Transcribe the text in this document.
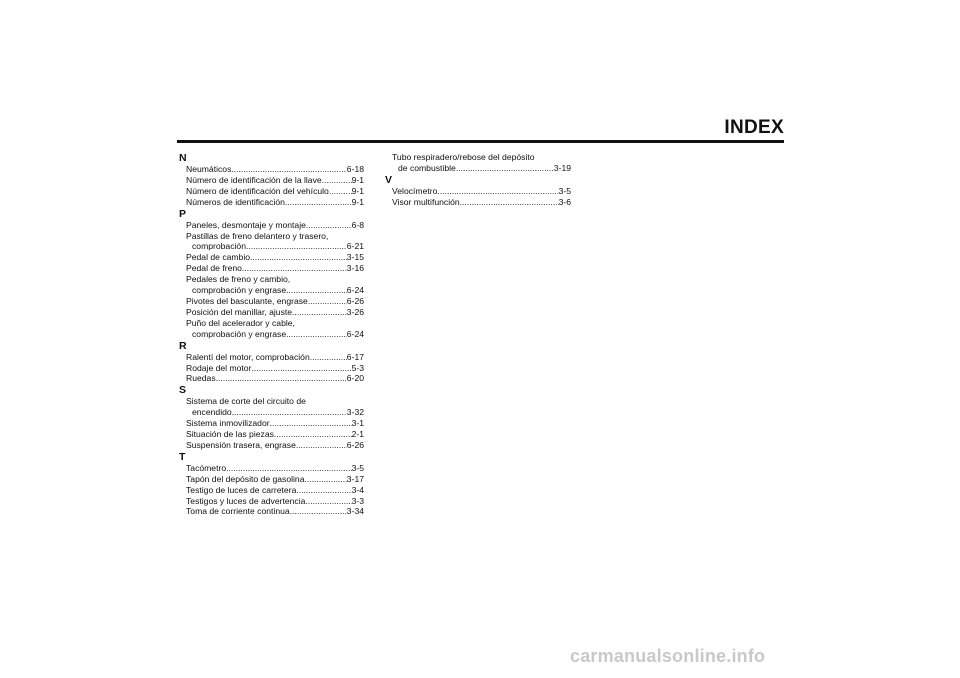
INDEX
N
Neumáticos .....	6-18
Número de identificación de la llave .....	9-1
Número de identificación del vehículo .....	9-1
Números de identificación .....	9-1
P
Paneles, desmontaje y montaje .....	6-8
Pastillas de freno delantero y trasero,
comprobación .....	6-21
Pedal de cambio .....	3-15
Pedal de freno .....	3-16
Pedales de freno y cambio,
comprobación y engrase .....	6-24
Pivotes del basculante, engrase .....	6-26
Posición del manillar, ajuste .....	3-26
Puño del acelerador y cable,
comprobación y engrase .....	6-24
R
Ralentí del motor, comprobación .....	6-17
Rodaje del motor .....	5-3
Ruedas .....	6-20
S
Sistema de corte del circuito de
encendido .....	3-32
Sistema inmovilizador .....	3-1
Situación de las piezas .....	2-1
Suspensión trasera, engrase .....	6-26
T
Tacómetro .....	3-5
Tapón del depósito de gasolina .....	3-17
Testigo de luces de carretera .....	3-4
Testigos y luces de advertencia .....	3-3
Toma de corriente continua .....	3-34
Tubo respiradero/rebose del depósito
de combustible .....	3-19
V
Velocímetro .....	3-5
Visor multifunción .....	3-6
carmanualsonline.info
